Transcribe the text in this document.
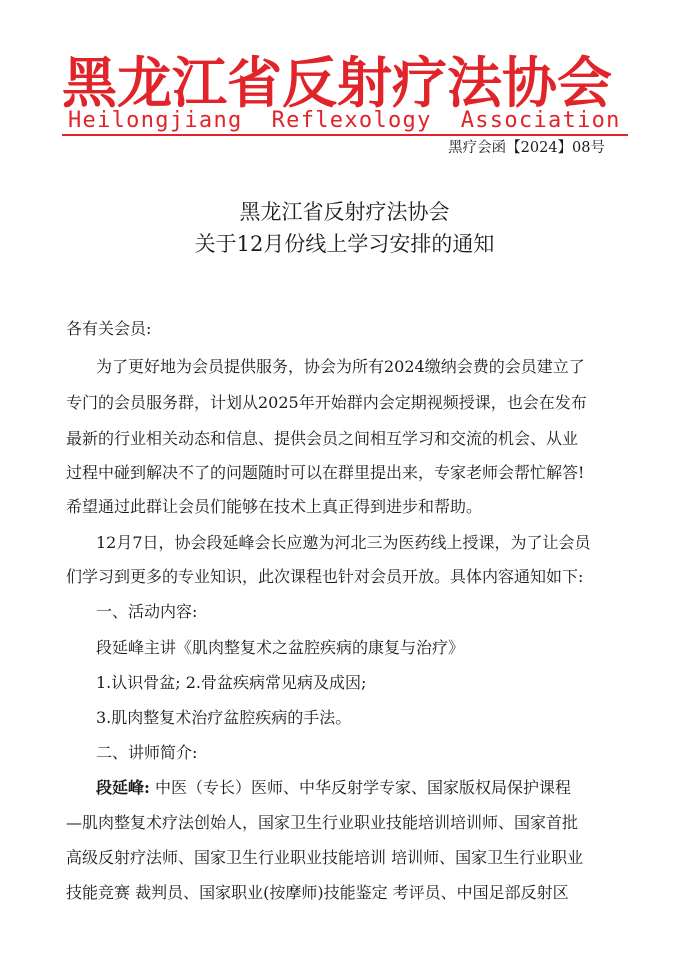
黑龙江省反射疗法协会
Heilongjiang  Reflexology  Association
黑疗会函【2024】08号
黑龙江省反射疗法协会
关于12月份线上学习安排的通知
各有关会员:
为了更好地为会员提供服务，协会为所有2024缴纳会费的会员建立了
专门的会员服务群，计划从2025年开始群内会定期视频授课，也会在发布
最新的行业相关动态和信息、提供会员之间相互学习和交流的机会、从业
过程中碰到解决不了的问题随时可以在群里提出来，专家老师会帮忙解答!
希望通过此群让会员们能够在技术上真正得到进步和帮助。
12月7日，协会段延峰会长应邀为河北三为医药线上授课，为了让会员
们学习到更多的专业知识，此次课程也针对会员开放。具体内容通知如下:
一、活动内容:
段延峰主讲《肌肉整复术之盆腔疾病的康复与治疗》
1.认识骨盆; 2.骨盆疾病常见病及成因;
3.肌肉整复术治疗盆腔疾病的手法。
二、讲师简介:
段延峰: 中医（专长）医师、中华反射学专家、国家版权局保护课程
—肌肉整复术疗法创始人，国家卫生行业职业技能培训培训师、国家首批
高级反射疗法师、国家卫生行业职业技能培训 培训师、国家卫生行业职业
技能竞赛 裁判员、国家职业(按摩师)技能鉴定 考评员、中国足部反射区
